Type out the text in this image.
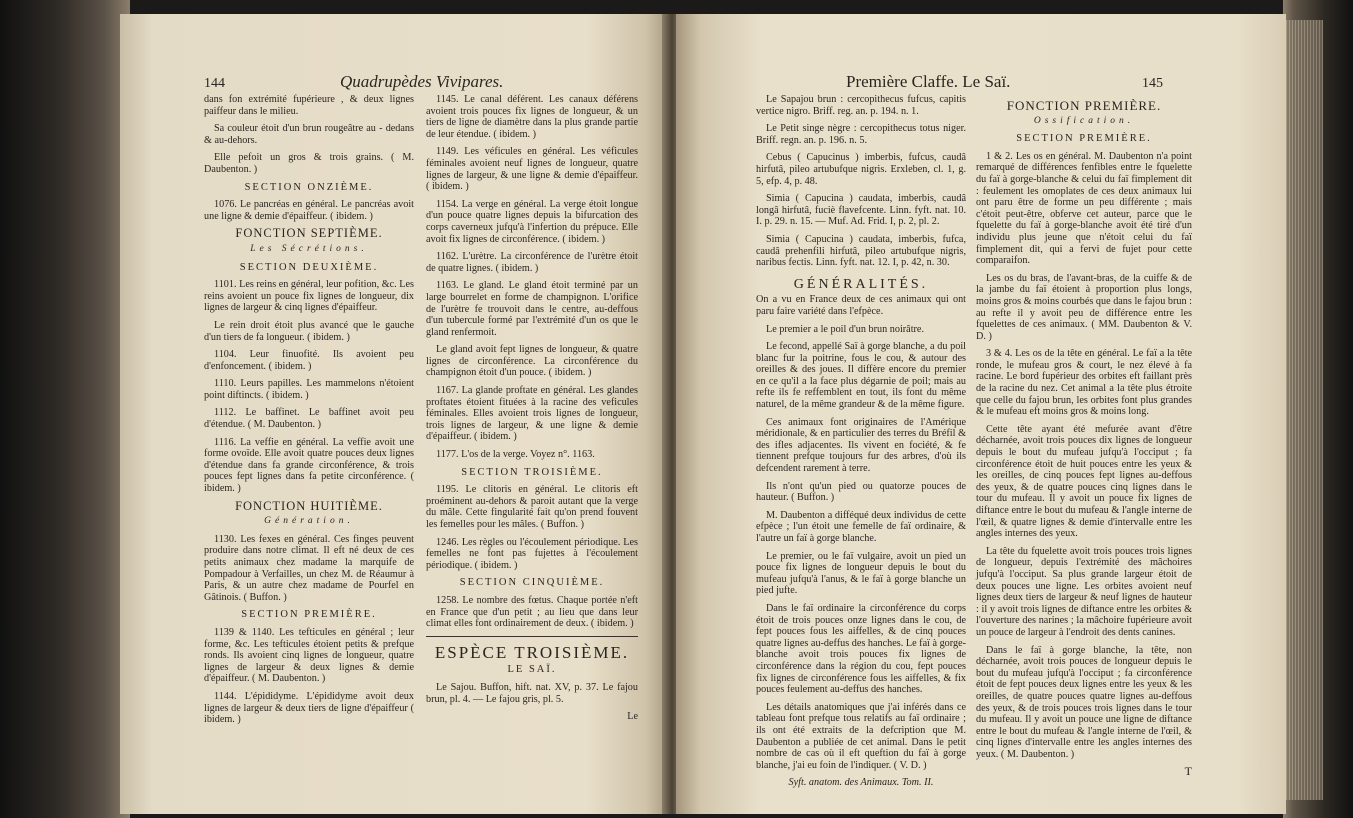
144	Quadrupèdes Vivipares.

dans fon extrémité fupérieure , & deux lignes paiffeur dans le milieu.

Sa couleur étoit d'un brun rougeâtre au - dedans & au-dehors.

Elle pefoit un gros & trois grains. ( M. Daubenton. )

SECTION ONZIÈME.

1076. Le pancréas en général. Le pancréas avoit une ligne & demie d'épaiffeur. ( ibidem. )

FONCTION SEPTIÈME.
Les Sécrétions.
SECTION DEUXIÈME.

1101. Les reins en général, leur pofition, &c. Les reins avoient un pouce fix lignes de longueur, dix lignes de largeur & cinq lignes d'épaiffeur.

Le rein droit étoit plus avancé que le gauche d'un tiers de fa longueur. ( ibidem. )

1104. Leur finuofité. Ils avoient peu d'enfoncement. ( ibidem. )

1110. Leurs papilles. Les mammelons n'étoient point diftincts. ( ibidem. )

1112. Le baffinet. Le baffinet avoit peu d'étendue. ( M. Daubenton. )

1116. La veffie en général. La veffie avoit une forme ovoïde. Elle avoit quatre pouces deux lignes d'étendue dans fa grande circonférence, & trois pouces fept lignes dans fa petite circonférence. ( ibidem. )

FONCTION HUITIÈME.
Génération.

1130. Les fexes en général. Ces finges peuvent produire dans notre climat. Il eft né deux de ces petits animaux chez madame la marquife de Pompadour à Verfailles, un chez M. de Réaumur à Paris, & un autre chez madame de Pourfel en Gâtinois. ( Buffon. )

SECTION PREMIÈRE.

1139 & 1140. Les tefticules en général ; leur forme, &c. Les tefticules étoient petits & prefque ronds. Ils avoient cinq lignes de longueur, quatre lignes de largeur & deux lignes & demie d'épaiffeur. ( M. Daubenton. )

1144. L'épididyme. L'épididyme avoit deux lignes de largeur & deux tiers de ligne d'épaiffeur ( ibidem. )

1145. Le canal déférent. Les canaux déférens avoient trois pouces fix lignes de longueur, & un tiers de ligne de diamètre dans la plus grande partie de leur étendue. ( ibidem. )

1149. Les véficules en général. Les véficules féminales avoient neuf lignes de longueur, quatre lignes de largeur, & une ligne & demie d'épaiffeur. ( ibidem. )

1154. La verge en général. La verge étoit longue d'un pouce quatre lignes depuis la bifurcation des corps caverneux jufqu'à l'infertion du prépuce. Elle avoit fix lignes de circonférence. ( ibidem. )

1162. L'urètre. La circonférence de l'urètre étoit de quatre lignes. ( ibidem. )

1163. Le gland. Le gland étoit terminé par un large bourrelet en forme de champignon. L'orifice de l'urètre fe trouvoit dans le centre, au-deffous d'un tubercule formé par l'extrémité d'un os que le gland renfermoit.

Le gland avoit fept lignes de longueur, & quatre lignes de circonférence. La circonférence du champignon étoit d'un pouce. ( ibidem. )

1167. La glande proftate en général. Les glandes proftates étoient fituées à la racine des veficules féminales. Elles avoient trois lignes de longueur, trois lignes de largeur, & une ligne & demie d'épaiffeur. ( ibidem. )

1177. L'os de la verge. Voyez n°. 1163.

SECTION TROISIÈME.

1195. Le clitoris en général. Le clitoris eft proéminent au-dehors & paroit autant que la verge du mâle. Cette fingularité fait qu'on prend fouvent les femelles pour les mâles. ( Buffon. )

1246. Les règles ou l'écoulement périodique. Les femelles ne font pas fujettes à l'écoulement périodique. ( ibidem. )

SECTION CINQUIÈME.

1258. Le nombre des fœtus. Chaque portée n'eft en France que d'un petit ; au lieu que dans leur climat elles font ordinairement de deux. ( ibidem. )

ESPÈCE TROISIÈME.
LE SAÏ.

Le Sajou. Buffon, hift. nat. XV, p. 37. Le fajou brun, pl. 4. — Le fajou gris, pl. 5.

Le
Première Claffe. Le Saï.	145

Le Sapajou brun : cercopithecus fufcus, capitis vertice nigro. Briff. reg. an. p. 194. n. 1.

Le Petit singe nègre : cercopithecus totus niger. Briff. regn. an. p. 196. n. 5.

Cebus ( Capucinus ) imberbis, fufcus, caudâ hirfutâ, pileo artubufque nigris. Erxleben, cl. 1, g. 5, efp. 4, p. 48.

Simia ( Capucina ) caudata, imberbis, caudâ longâ hirfutâ, fuciè flavefcente. Linn. fyft. nat. 10. I. p. 29. n. 15. — Muf. Ad. Frid. I, p. 2, pl. 2.

Simia ( Capucina ) caudata, imberbis, fufca, caudâ prehenfili hirfutâ, pileo artubufque nigris, naribus fectis. Linn. fyft. nat. 12. I, p. 42, n. 30.

GÉNÉRALITÉS.

On a vu en France deux de ces animaux qui ont paru faire variété dans l'efpèce.

Le premier a le poil d'un brun noirâtre.

Le fecond, appellé Saï à gorge blanche, a du poil blanc fur la poitrine, fous le cou, & autour des oreilles & des joues. Il diffère encore du premier en ce qu'il a la face plus dégarnie de poil; mais au refte ils fe reffemblent en tout, ils font du même naturel, de la même grandeur & de la même figure.

Ces animaux font originaires de l'Amérique méridionale, & en particulier des terres du Bréfil & des ifles adjacentes. Ils vivent en fociété, & fe tiennent prefque toujours fur des arbres, d'où ils defcendent rarement à terre.

Ils n'ont qu'un pied ou quatorze pouces de hauteur. ( Buffon. )

M. Daubenton a difféqué deux individus de cette efpèce ; l'un étoit une femelle de faï ordinaire, & l'autre un faï à gorge blanche.

Le premier, ou le faï vulgaire, avoit un pied un pouce fix lignes de longueur depuis le bout du mufeau jufqu'à l'anus, & le faï à gorge blanche un pied jufte.

Dans le faï ordinaire la circonférence du corps étoit de trois pouces onze lignes dans le cou, de fept pouces fous les aiffelles, & de cinq pouces quatre lignes au-deffus des hanches. Le faï à gorge-blanche avoit trois pouces fix lignes de circonférence dans la région du cou, fept pouces fix lignes de circonférence fous les aiffelles, & fix pouces feulement au-deffus des hanches.

Les détails anatomiques que j'ai inférés dans ce tableau font prefque tous relatifs au faï ordinaire ; ils ont été extraits de la defcription que M. Daubenton a publiée de cet animal. Dans le petit nombre de cas où il eft queftion du faï à gorge blanche, j'ai eu foin de l'indiquer. ( V. D. )

Syft. anatom. des Animaux. Tom. II.
FONCTION PREMIÈRE.
Ossification.
SECTION PREMIÈRE.

1 & 2. Les os en général. M. Daubenton n'a point remarqué de différences fenfibles entre le fquelette du faï à gorge-blanche & celui du faï fimplement dit : feulement les omoplates de ces deux animaux lui ont paru être de forme un peu différente ; mais c'étoit peut-être, obferve cet auteur, parce que le fquelette du faï à gorge-blanche avoit été tiré d'un individu plus jeune que n'étoit celui du faï fimplement dit, qui a fervi de fujet pour cette comparaifon.

Les os du bras, de l'avant-bras, de la cuiffe & de la jambe du faï étoient à proportion plus longs, moins gros & moins courbés que dans le fajou brun : au refte il y avoit peu de différence entre les fquelettes de ces animaux. ( MM. Daubenton & V. D. )

3 & 4. Les os de la tête en général. Le faï a la tête ronde, le mufeau gros & court, le nez élevé à fa racine. Le bord fupérieur des orbites eft faillant près de la racine du nez. Cet animal a la tête plus étroite que celle du fajou brun, les orbites font plus grandes & le mufeau eft moins gros & moins long.

Cette tête ayant été mefurée avant d'être décharnée, avoit trois pouces dix lignes de longueur depuis le bout du mufeau jufqu'à l'occiput ; fa circonférence étoit de huit pouces entre les yeux & les oreilles, de cinq pouces fept lignes au-deffous des yeux, & de quatre pouces cinq lignes dans le tour du mufeau. Il y avoit un pouce fix lignes de diftance entre le bout du mufeau & l'angle interne de l'œil, & quatre lignes & demie d'intervalle entre les angles internes des yeux.

La tête du fquelette avoit trois pouces trois lignes de longueur, depuis l'extrémité des mâchoires jufqu'à l'occiput. Sa plus grande largeur étoit de deux pouces une ligne. Les orbites avoient neuf lignes deux tiers de largeur & neuf lignes de hauteur : il y avoit trois lignes de diftance entre les orbites & l'ouverture des narines ; la mâchoire fupérieure avoit un pouce de largeur à l'endroit des dents canines.

Dans le faï à gorge blanche, la tête, non décharnée, avoit trois pouces de longueur depuis le bout du mufeau jufqu'à l'occiput ; fa circonférence étoit de fept pouces deux lignes entre les yeux & les oreilles, de quatre pouces quatre lignes au-deffous des yeux, & de trois pouces trois lignes dans le tour du mufeau. Il y avoit un pouce une ligne de diftance entre le bout du mufeau & l'angle interne de l'œil, & cinq lignes d'intervalle entre les angles internes des yeux. ( M. Daubenton. )

T
